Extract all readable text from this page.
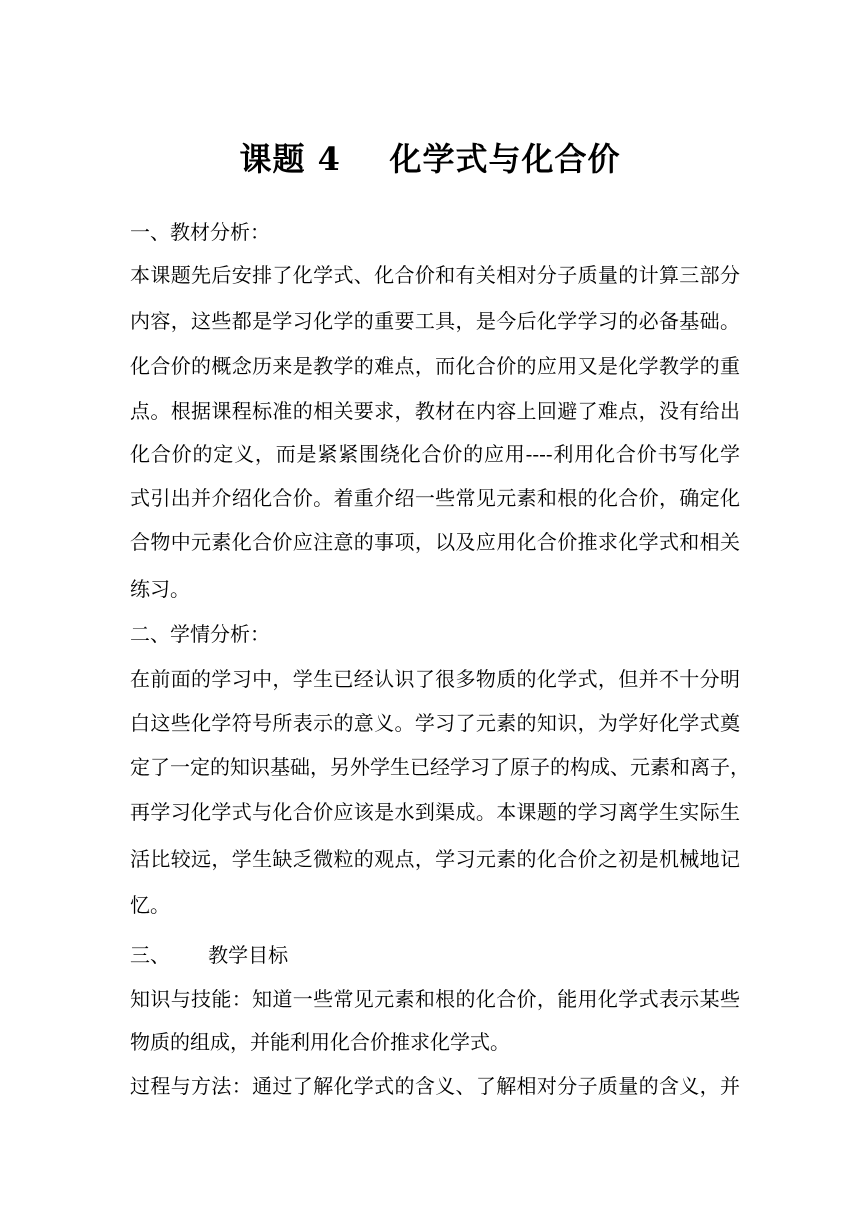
课题 4    化学式与化合价

一、教材分析：

本课题先后安排了化学式、化合价和有关相对分子质量的计算三部分

内容，这些都是学习化学的重要工具，是今后化学学习的必备基础。

化合价的概念历来是教学的难点，而化合价的应用又是化学教学的重

点。根据课程标准的相关要求，教材在内容上回避了难点，没有给出

化合价的定义，而是紧紧围绕化合价的应用----利用化合价书写化学

式引出并介绍化合价。着重介绍一些常见元素和根的化合价，确定化

合物中元素化合价应注意的事项，以及应用化合价推求化学式和相关

练习。

二、学情分析：

在前面的学习中，学生已经认识了很多物质的化学式，但并不十分明

白这些化学符号所表示的意义。学习了元素的知识，为学好化学式奠

定了一定的知识基础，另外学生已经学习了原子的构成、元素和离子，

再学习化学式与化合价应该是水到渠成。本课题的学习离学生实际生

活比较远，学生缺乏微粒的观点，学习元素的化合价之初是机械地记

忆。

三、      教学目标

知识与技能：知道一些常见元素和根的化合价，能用化学式表示某些

物质的组成，并能利用化合价推求化学式。

过程与方法：通过了解化学式的含义、了解相对分子质量的含义，并
